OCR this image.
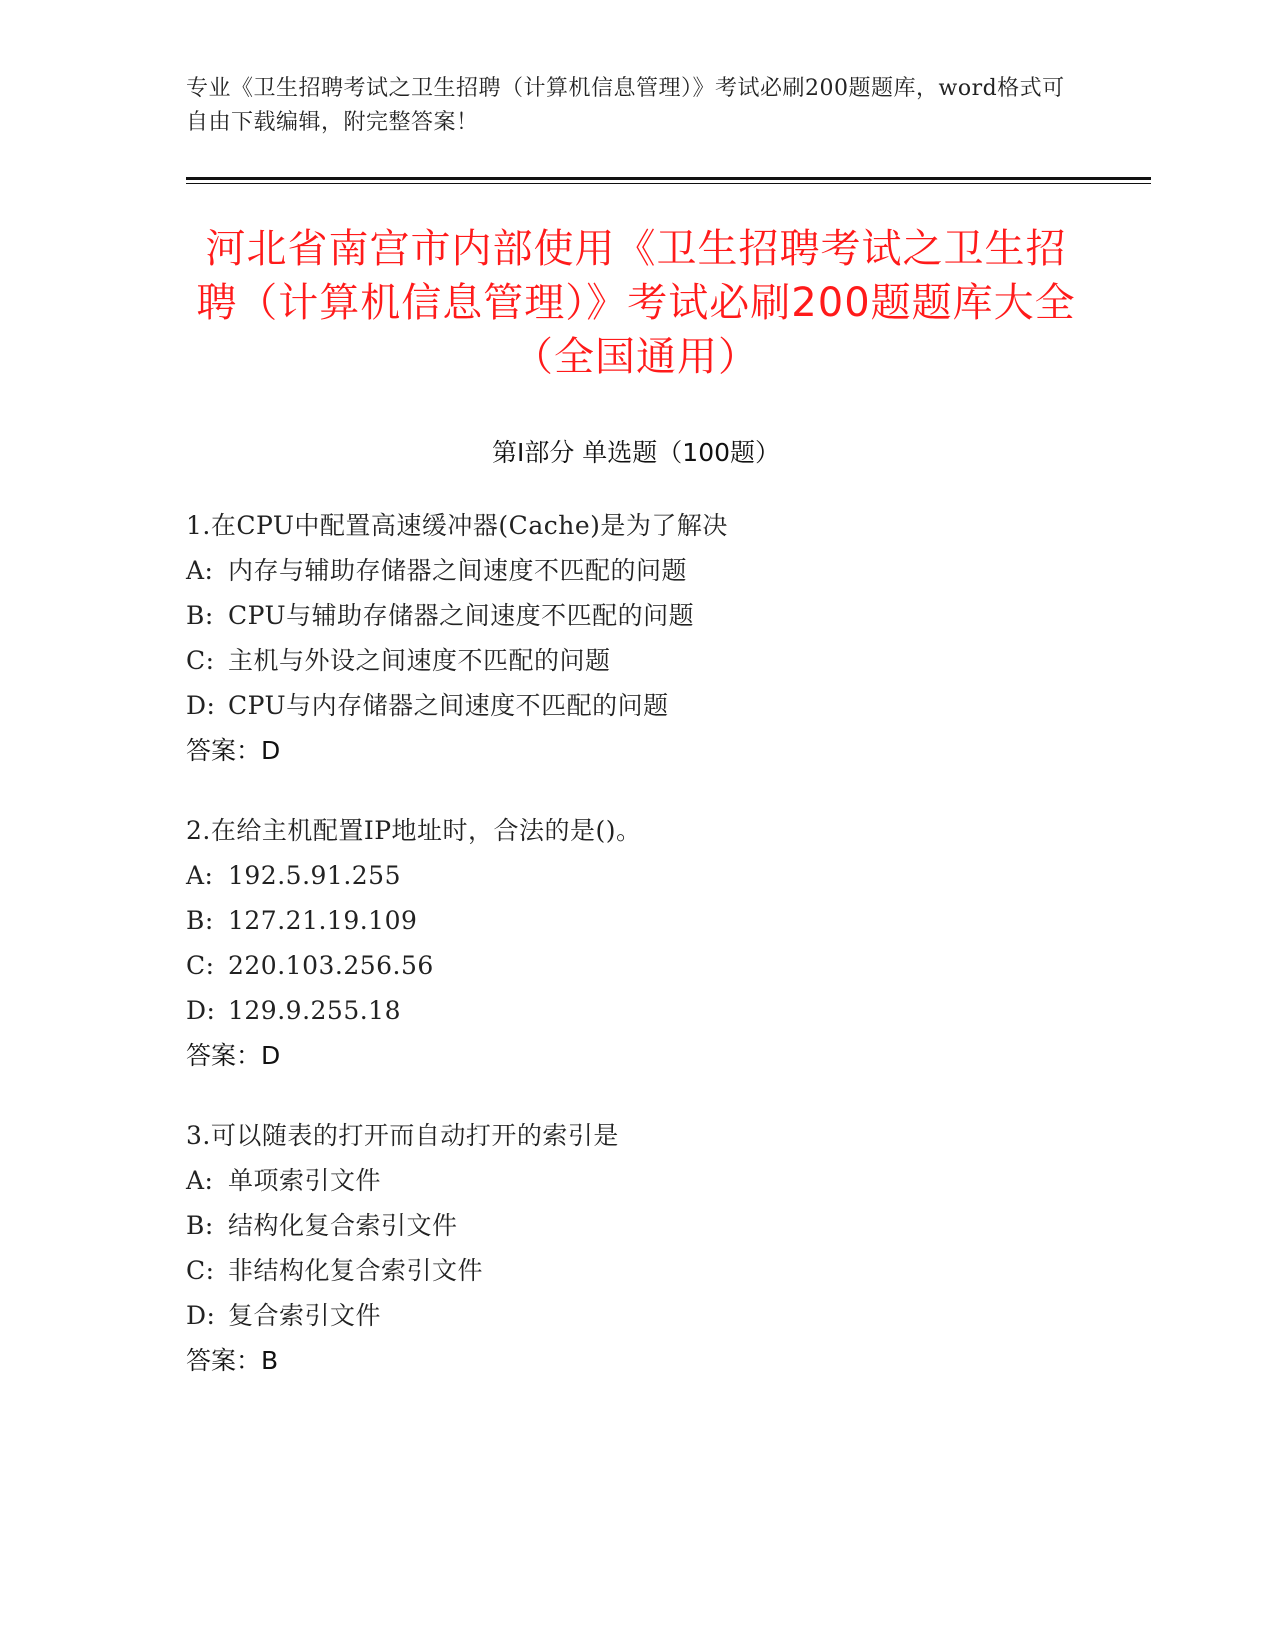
专业《卫生招聘考试之卫生招聘（计算机信息管理）》考试必刷200题题库，word格式可自由下载编辑，附完整答案！
河北省南宫市内部使用《卫生招聘考试之卫生招聘（计算机信息管理）》考试必刷200题题库大全（全国通用）
第I部分 单选题（100题）
1.在CPU中配置高速缓冲器(Cache)是为了解决
A: 内存与辅助存储器之间速度不匹配的问题
B: CPU与辅助存储器之间速度不匹配的问题
C: 主机与外设之间速度不匹配的问题
D: CPU与内存储器之间速度不匹配的问题
答案：D
2.在给主机配置IP地址时，合法的是()。
A: 192.5.91.255
B: 127.21.19.109
C: 220.103.256.56
D: 129.9.255.18
答案：D
3.可以随表的打开而自动打开的索引是
A: 单项索引文件
B: 结构化复合索引文件
C: 非结构化复合索引文件
D: 复合索引文件
答案：B
